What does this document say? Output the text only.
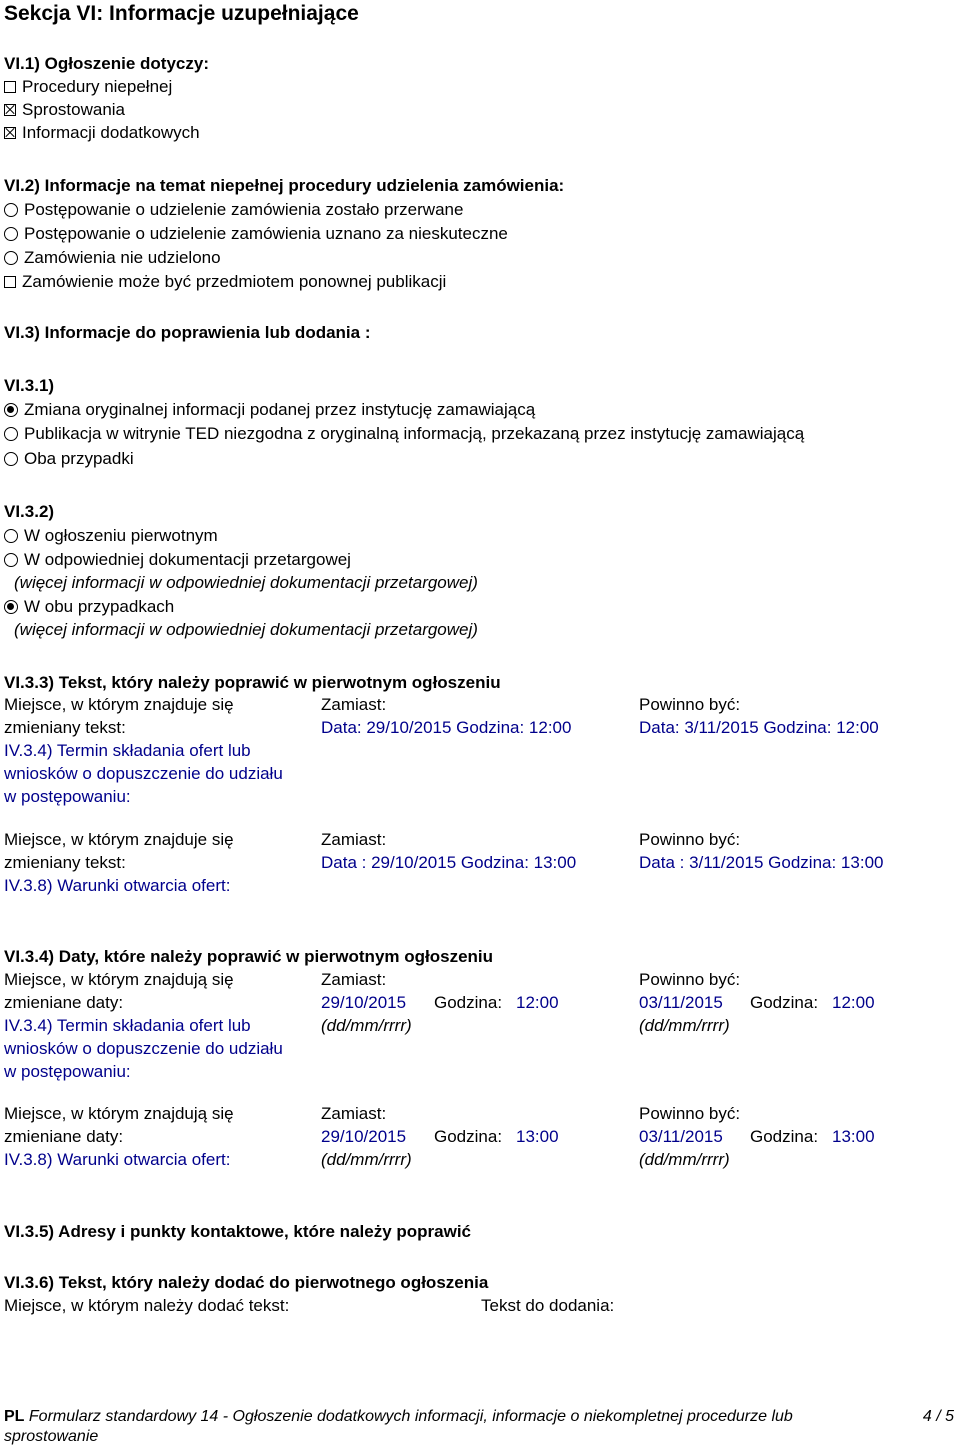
Sekcja VI: Informacje uzupełniające
VI.1) Ogłoszenie dotyczy:
Procedury niepełnej
Sprostowania
Informacji dodatkowych
VI.2) Informacje na temat niepełnej procedury udzielenia zamówienia:
Postępowanie o udzielenie zamówienia zostało przerwane
Postępowanie o udzielenie zamówienia uznano za nieskuteczne
Zamówienia nie udzielono
Zamówienie może być przedmiotem ponownej publikacji
VI.3) Informacje do poprawienia lub dodania :
VI.3.1)
Zmiana oryginalnej informacji podanej przez instytucję zamawiającą
Publikacja w witrynie TED niezgodna z oryginalną informacją, przekazaną przez instytucję zamawiającą
Oba przypadki
VI.3.2)
W ogłoszeniu pierwotnym
W odpowiedniej dokumentacji przetargowej
(więcej informacji w odpowiedniej dokumentacji przetargowej)
W obu przypadkach
(więcej informacji w odpowiedniej dokumentacji przetargowej)
VI.3.3) Tekst, który należy poprawić w pierwotnym ogłoszeniu
Miejsce, w którym znajduje się
zmieniany tekst:
Zamiast:	Powinno być:
Data: 29/10/2015 Godzina: 12:00	Data: 3/11/2015 Godzina: 12:00
IV.3.4) Termin składania ofert lub
wniosków o dopuszczenie do udziału
w postępowaniu:
Miejsce, w którym znajduje się
zmieniany tekst:
Zamiast:	Powinno być:
Data : 29/10/2015 Godzina: 13:00	Data : 3/11/2015 Godzina: 13:00
IV.3.8) Warunki otwarcia ofert:
VI.3.4) Daty, które należy poprawić w pierwotnym ogłoszeniu
Miejsce, w którym znajdują się
zmieniane daty:
Zamiast:	Powinno być:
29/10/2015 Godzina: 12:00	03/11/2015 Godzina: 12:00
IV.3.4) Termin składania ofert lub	(dd/mm/rrrr)	(dd/mm/rrrr)
wniosków o dopuszczenie do udziału
w postępowaniu:
Miejsce, w którym znajdują się
zmieniane daty:
Zamiast:	Powinno być:
29/10/2015 Godzina: 13:00	03/11/2015 Godzina: 13:00
IV.3.8) Warunki otwarcia ofert:	(dd/mm/rrrr)	(dd/mm/rrrr)
VI.3.5) Adresy i punkty kontaktowe, które należy poprawić
VI.3.6) Tekst, który należy dodać do pierwotnego ogłoszenia
Miejsce, w którym należy dodać tekst:	Tekst do dodania:
PL Formularz standardowy 14 - Ogłoszenie dodatkowych informacji, informacje o niekompletnej procedurze lub
sprostowanie
4 / 5
